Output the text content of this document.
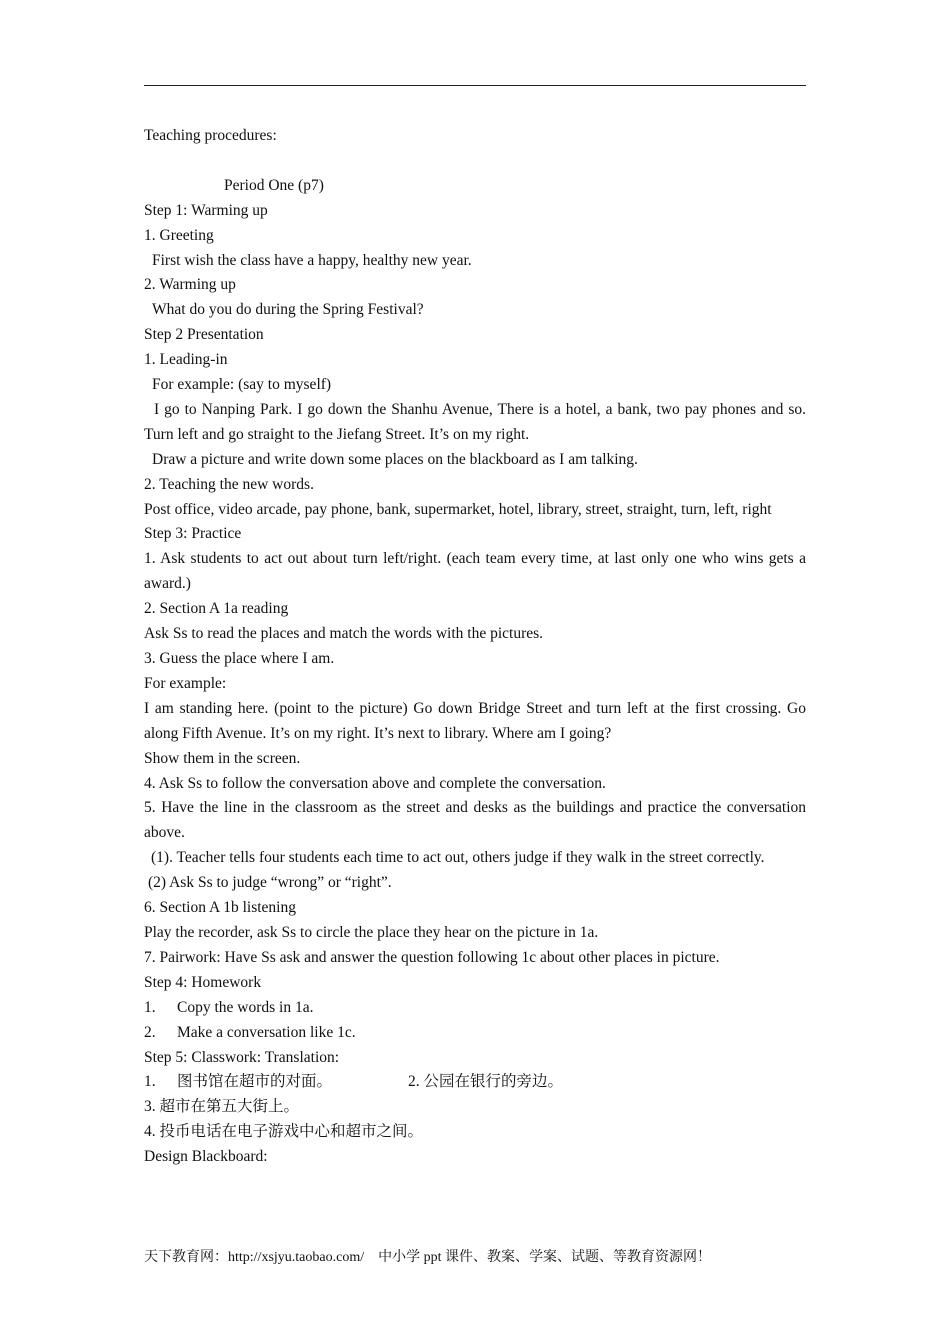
Teaching procedures:
Period One (p7)
Step 1: Warming up
1. Greeting
First wish the class have a happy, healthy new year.
2. Warming up
What do you do during the Spring Festival?
Step 2 Presentation
1. Leading-in
For example: (say to myself)

I go to Nanping Park. I go down the Shanhu Avenue, There is a hotel, a bank, two pay phones and so. Turn left and go straight to the Jiefang Street. It’s on my right.

Draw a picture and write down some places on the blackboard as I am talking.
2. Teaching the new words.

Post office, video arcade, pay phone, bank, supermarket, hotel, library, street, straight, turn, left, right

Step 3: Practice

1. Ask students to act out about turn left/right. (each team every time, at last only one who wins gets a award.)

2. Section A 1a reading
Ask Ss to read the places and match the words with the pictures.
3. Guess the place where I am.
For example:

I am standing here. (point to the picture) Go down Bridge Street and turn left at the first crossing. Go along Fifth Avenue. It’s on my right. It’s next to library. Where am I going?

Show them in the screen.
4. Ask Ss to follow the conversation above and complete the conversation.

5. Have the line in the classroom as the street and desks as the buildings and practice the conversation above.

(1). Teacher tells four students each time to act out, others judge if they walk in the street correctly.

(2) Ask Ss to judge “wrong” or “right”.
6. Section A 1b listening
Play the recorder, ask Ss to circle the place they hear on the picture in 1a.
7. Pairwork: Have Ss ask and answer the question following 1c about other places in picture.
Step 4: Homework
1.	Copy the words in 1a.
2.	Make a conversation like 1c.
Step 5: Classwork: Translation:
1.	图书馆在超市的对面。	2. 公园在银行的旁边。
3. 超市在第五大街上。
4. 投币电话在电子游戏中心和超市之间。
Design Blackboard:
天下教育网：http://xsjyu.taobao.com/ 中小学 ppt 课件、教案、学案、试题、等教育资源网！
